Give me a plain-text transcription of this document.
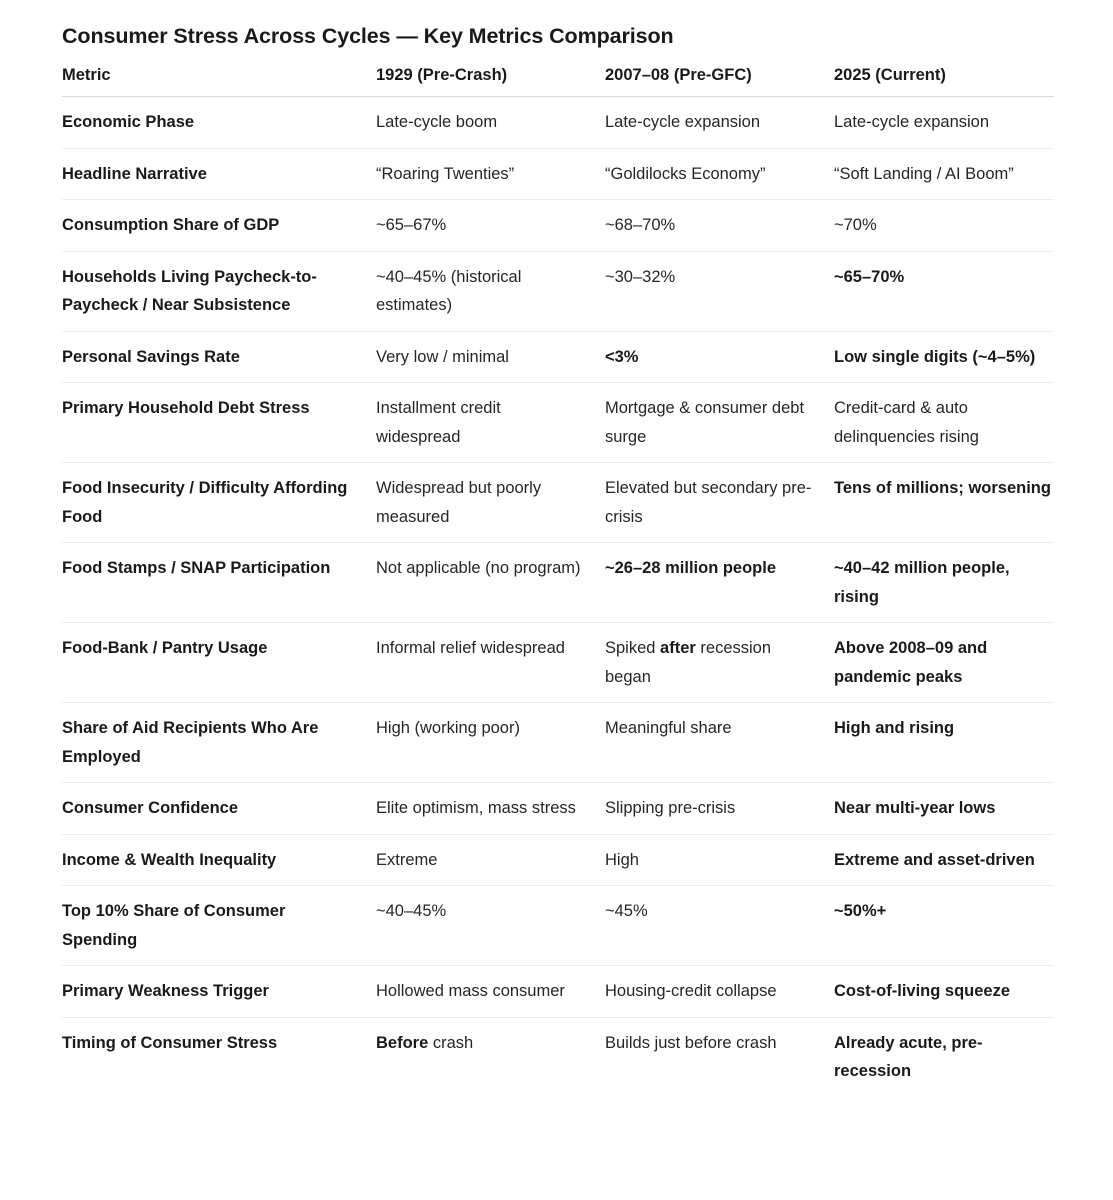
Consumer Stress Across Cycles — Key Metrics Comparison
Metric	1929 (Pre-Crash)	2007–08 (Pre-GFC)	2025 (Current)
Economic Phase	Late-cycle boom	Late-cycle expansion	Late-cycle expansion
Headline Narrative	“Roaring Twenties”	“Goldilocks Economy”	“Soft Landing / AI Boom”
Consumption Share of GDP	~65–67%	~68–70%	~70%
Households Living Paycheck-to-Paycheck / Near Subsistence	~40–45% (historical estimates)	~30–32%	~65–70%
Personal Savings Rate	Very low / minimal	<3%	Low single digits (~4–5%)
Primary Household Debt Stress	Installment credit widespread	Mortgage & consumer debt surge	Credit-card & auto delinquencies rising
Food Insecurity / Difficulty Affording Food	Widespread but poorly measured	Elevated but secondary pre-crisis	Tens of millions; worsening
Food Stamps / SNAP Participation	Not applicable (no program)	~26–28 million people	~40–42 million people, rising
Food-Bank / Pantry Usage	Informal relief widespread	Spiked after recession began	Above 2008–09 and pandemic peaks
Share of Aid Recipients Who Are Employed	High (working poor)	Meaningful share	High and rising
Consumer Confidence	Elite optimism, mass stress	Slipping pre-crisis	Near multi-year lows
Income & Wealth Inequality	Extreme	High	Extreme and asset-driven
Top 10% Share of Consumer Spending	~40–45%	~45%	~50%+
Primary Weakness Trigger	Hollowed mass consumer	Housing-credit collapse	Cost-of-living squeeze
Timing of Consumer Stress	Before crash	Builds just before crash	Already acute, pre-recession
